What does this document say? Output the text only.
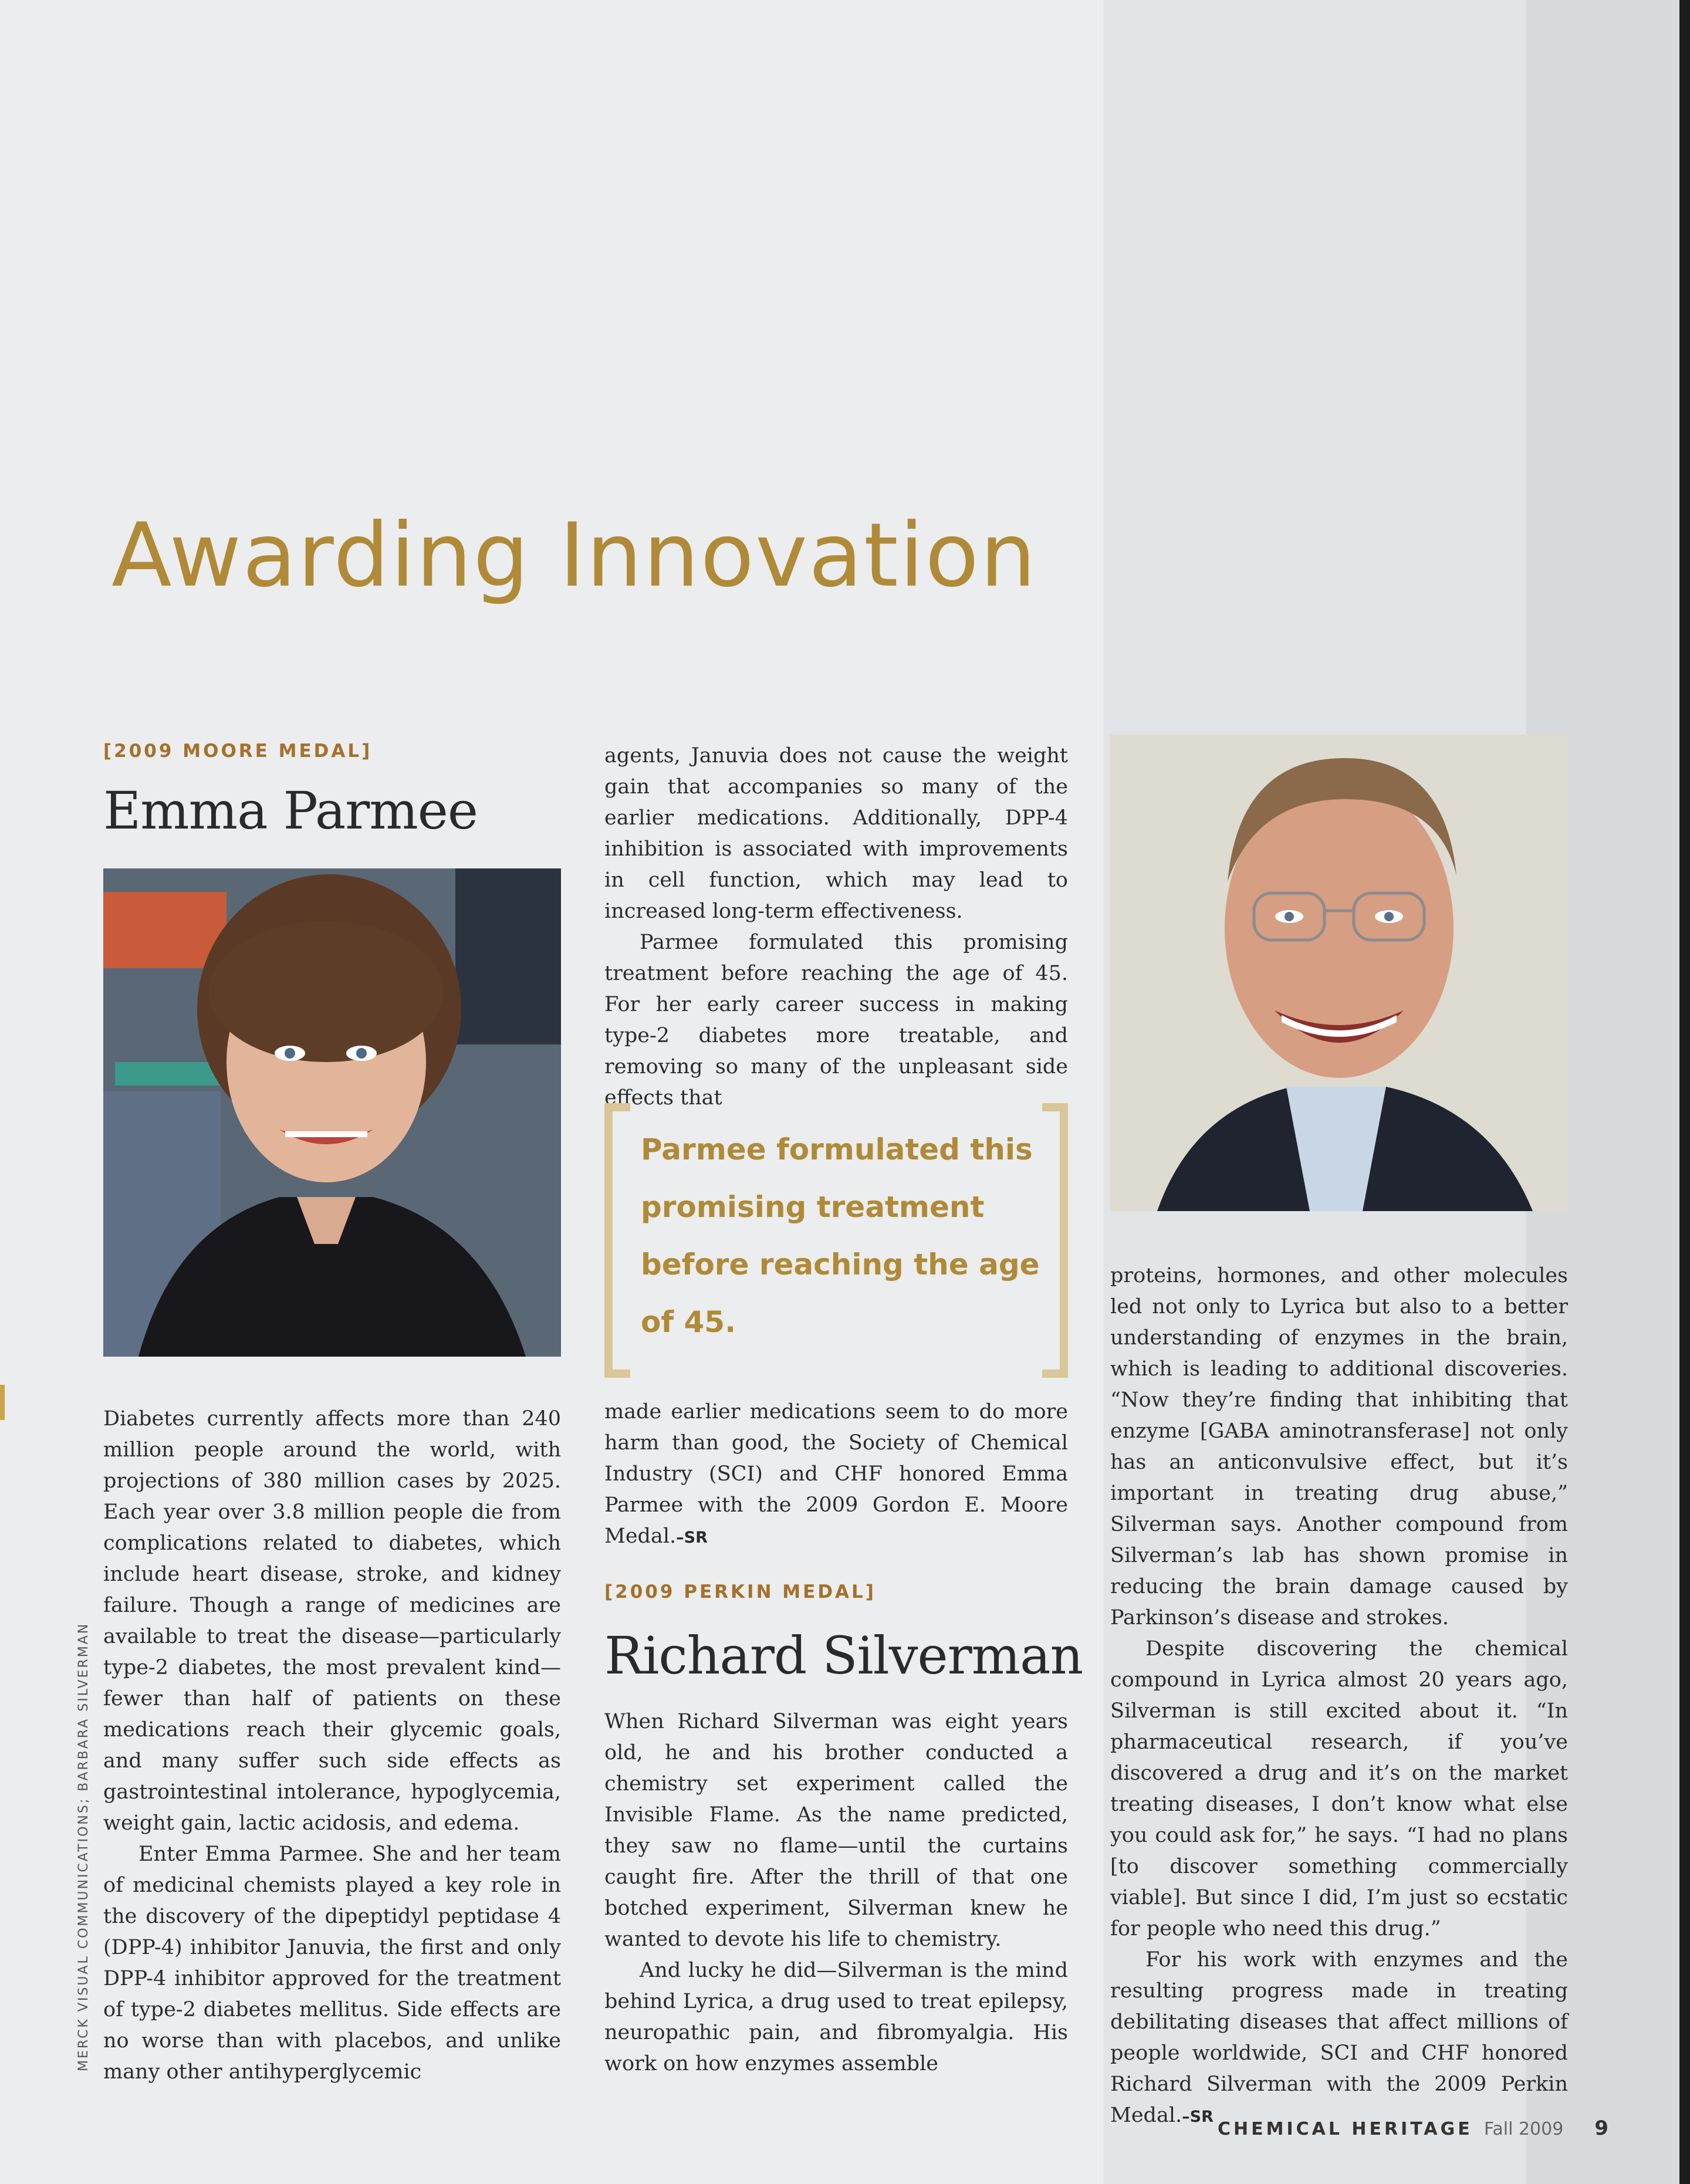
Awarding Innovation
[2009 MOORE MEDAL]
Emma Parmee

Diabetes currently affects more than 240 million people around the world, with projections of 380 million cases by 2025. Each year over 3.8 million people die from complications related to diabetes, which include heart disease, stroke, and kidney failure. Though a range of medicines are available to treat the disease—particularly type-2 diabetes, the most prevalent kind—fewer than half of patients on these medications reach their glycemic goals, and many suffer such side effects as gastrointestinal intolerance, hypoglycemia, weight gain, lactic acidosis, and edema.

Enter Emma Parmee. She and her team of medicinal chemists played a key role in the discovery of the dipeptidyl peptidase 4 (DPP-4) inhibitor Januvia, the first and only DPP-4 inhibitor approved for the treatment of type-2 diabetes mellitus. Side effects are no worse than with placebos, and unlike many other antihyperglycemic

agents, Januvia does not cause the weight gain that accompanies so many of the earlier medications. Additionally, DPP-4 inhibition is associated with improvements in cell function, which may lead to increased long-term effectiveness.

Parmee formulated this promising treatment before reaching the age of 45. For her early career success in making type-2 diabetes more treatable, and removing so many of the unpleasant side effects that

Parmee formulated this promising treatment before reaching the age of 45.

made earlier medications seem to do more harm than good, the Society of Chemical Industry (SCI) and CHF honored Emma Parmee with the 2009 Gordon E. Moore Medal.–SR

[2009 PERKIN MEDAL]
Richard Silverman

When Richard Silverman was eight years old, he and his brother conducted a chemistry set experiment called the Invisible Flame. As the name predicted, they saw no flame—until the curtains caught fire. After the thrill of that one botched experiment, Silverman knew he wanted to devote his life to chemistry.

And lucky he did—Silverman is the mind behind Lyrica, a drug used to treat epilepsy, neuropathic pain, and fibromyalgia. His work on how enzymes assemble

proteins, hormones, and other molecules led not only to Lyrica but also to a better understanding of enzymes in the brain, which is leading to additional discoveries. “Now they’re finding that inhibiting that enzyme [GABA aminotransferase] not only has an anticonvulsive effect, but it’s important in treating drug abuse,” Silverman says. Another compound from Silverman’s lab has shown promise in reducing the brain damage caused by Parkinson’s disease and strokes.

Despite discovering the chemical compound in Lyrica almost 20 years ago, Silverman is still excited about it. “In pharmaceutical research, if you’ve discovered a drug and it’s on the market treating diseases, I don’t know what else you could ask for,” he says. “I had no plans [to discover something commercially viable]. But since I did, I’m just so ecstatic for people who need this drug.”

For his work with enzymes and the resulting progress made in treating debilitating diseases that affect millions of people worldwide, SCI and CHF honored Richard Silverman with the 2009 Perkin Medal.–SR

MERCK VISUAL COMMUNICATIONS; BARBARA SILVERMAN
CHEMICAL HERITAGE Fall 2009 9
